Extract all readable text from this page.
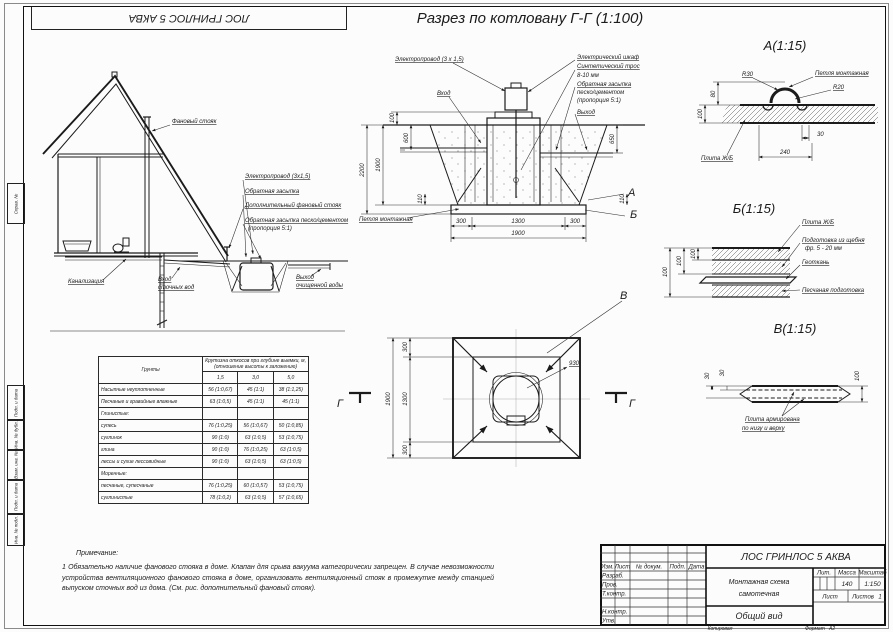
ЛОС ГРИНЛОС 5 АКВА	Разрез по котловану Г-Г (1:100)
Справ. №
Подп. и дата
Инв. № дубл.
Взам. инв. №
Подп. и дата
Инв. № подл.
Фановый стояк
Электропровод (3х1,5)
Обратная засыпка
Дополнительный фановый стояк
Обратная засыпка песко/цементом
(пропорция 5:1)
Канализация	Вход
сточных вод
Выход
очищенной воды
100
600
1900
2200
110
650
110
300	1300	300
1900
Электропровод (3 х 1,5)
Вход
Электрический шкаф
Синтетический трос
8-10 мм
Обратная засыпка
песко/цементом
(пропорция 5:1)
Выход
Петля монтажная
А
Б
А(1:15)
80
100
30
240
R30
R20
Петля монтажная
Плита Ж/Б
Б(1:15)
100
100
100
Плита Ж/Б
Подготовка из щебня
фр. 5 - 20 мм
Геоткань
Песчаная подготовка
В(1:15)
30 30	100
Плита армирована
по низу и верху
300
1300
300
1900
930
В
Г	Г
Грунты	Крутизна откосов при глубине выемки, м,
(отношение высоты к заложению)		

	1,5	3,0	5,0
Насыпные неуплотненные	56 (1:0,67)	45 (1:1)	38 (1:1,25)
Песчаные и гравийные влажные	63 (1:0,5)	45 (1:1)	45 (1:1)
Глинистые:			
супесь	76 (1:0,25)	56 (1:0,67)	50 (1:0,85)
суглинок	90 (1:0)	63 (1:0,5)	53 (1:0,75)
глина	90 (1:0)	76 (1:0,25)	63 (1:0,5)
лессы и сухие лессовидные	90 (1:0)	63 (1:0,5)	63 (1:0,5)
Моренные:			
песчаные, супесчаные	76 (1:0,25)	60 (1:0,57)	53 (1:0,75)
суглинистые	78 (1:0,2)	63 (1:0,5)	57 (1:0,65)
Примечание:
1 Обязательно наличие фанового стояка в доме. Клапан для срыва вакуума категорически запрещен. В случае невозможности устройства вентиляционного фанового стояка в доме, организовать вентиляционный стояк в промежутке между станцией выпуском сточных вод из дома. (См. рис. дополнительный фановый стояк).
Изм. Лист № докум. Подп. Дата
Разраб.
Пров.
Т.контр.
Н.контр.
Утв.
Лит. Масса Масштаб
Лист Листов 1
ЛОС ГРИНЛОС 5 АКВА
Монтажная схема
самотечная
Общий вид
140 1:150
Копировал	Формат А2
